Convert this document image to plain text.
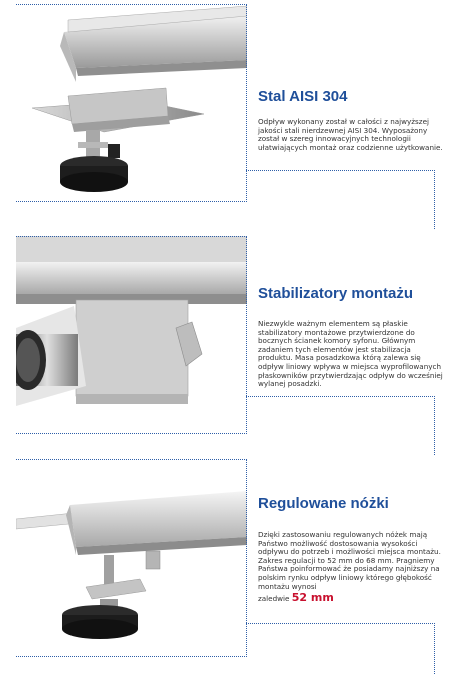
Stal AISI 304
Odpływ wykonany został w całości z najwyższej jakości stali nierdzewnej AISI 304. Wyposażony został w szereg innowacyjnych technologii ułatwiających montaż oraz codzienne użytkowanie.
Stabilizatory montażu
Niezwykle ważnym elementem są płaskie stabilizatory montażowe przytwierdzone do bocznych ścianek komory syfonu. Głównym zadaniem tych elementów jest stabilizacja produktu. Masa posadzkowa którą zalewa się odpływ liniowy wpływa w miejsca wyprofilowanych płaskowników przytwierdzając odpływ do wcześniej wylanej posadzki.
Regulowane nóżki
Dzięki zastosowaniu regulowanych nóżek mają Państwo możliwość dostosowania wysokości odpływu do potrzeb i możliwości miejsca montażu. Zakres regulacji to 52 mm do 68 mm. Pragniemy Państwa poinformować że posiadamy najniższy na polskim rynku odpływ liniowy którego głębokość montażu wynosi
zaledwie 52 mm
